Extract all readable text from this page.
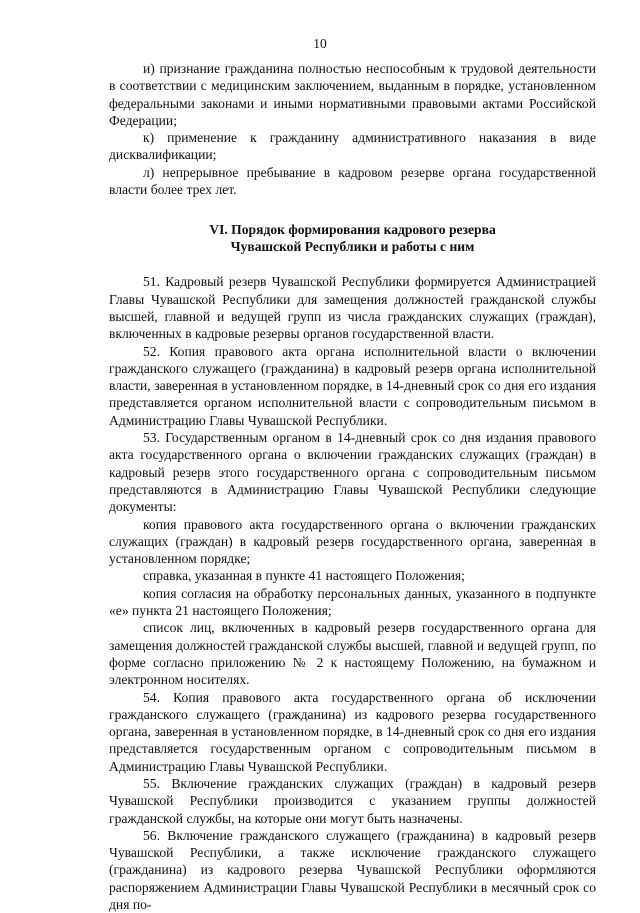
10

и) признание гражданина полностью неспособным к трудовой деятельности в соответствии с медицинским заключением, выданным в порядке, установленном федеральными законами и иными нормативными правовыми актами Российской Федерации;

к) применение к гражданину административного наказания в виде дисквалификации;

л) непрерывное пребывание в кадровом резерве органа государственной власти более трех лет.

VI. Порядок формирования кадрового резерва
Чувашской Республики и работы с ним

51. Кадровый резерв Чувашской Республики формируется Администрацией Главы Чувашской Республики для замещения должностей гражданской службы высшей, главной и ведущей групп из числа гражданских служащих (граждан), включенных в кадровые резервы органов государственной власти.

52. Копия правового акта органа исполнительной власти о включении гражданского служащего (гражданина) в кадровый резерв органа исполнительной власти, заверенная в установленном порядке, в 14-дневный срок со дня его издания представляется органом исполнительной власти с сопроводительным письмом в Администрацию Главы Чувашской Республики.

53. Государственным органом в 14-дневный срок со дня издания правового акта государственного органа о включении гражданских служащих (граждан) в кадровый резерв этого государственного органа с сопроводительным письмом представляются в Администрацию Главы Чувашской Республики следующие документы:

копия правового акта государственного органа о включении гражданских служащих (граждан) в кадровый резерв государственного органа, заверенная в установленном порядке;

справка, указанная в пункте 41 настоящего Положения;

копия согласия на обработку персональных данных, указанного в подпункте «е» пункта 21 настоящего Положения;

список лиц, включенных в кадровый резерв государственного органа для замещения должностей гражданской службы высшей, главной и ведущей групп, по форме согласно приложению № 2 к настоящему Положению, на бумажном и электронном носителях.

54. Копия правового акта государственного органа об исключении гражданского служащего (гражданина) из кадрового резерва государственного органа, заверенная в установленном порядке, в 14-дневный срок со дня его издания представляется государственным органом с сопроводительным письмом в Администрацию Главы Чувашской Республики.

55. Включение гражданских служащих (граждан) в кадровый резерв Чувашской Республики производится с указанием группы должностей гражданской службы, на которые они могут быть назначены.

56. Включение гражданского служащего (гражданина) в кадровый резерв Чувашской Республики, а также исключение гражданского служащего (гражданина) из кадрового резерва Чувашской Республики оформляются распоряжением Администрации Главы Чувашской Республики в месячный срок со дня по-
